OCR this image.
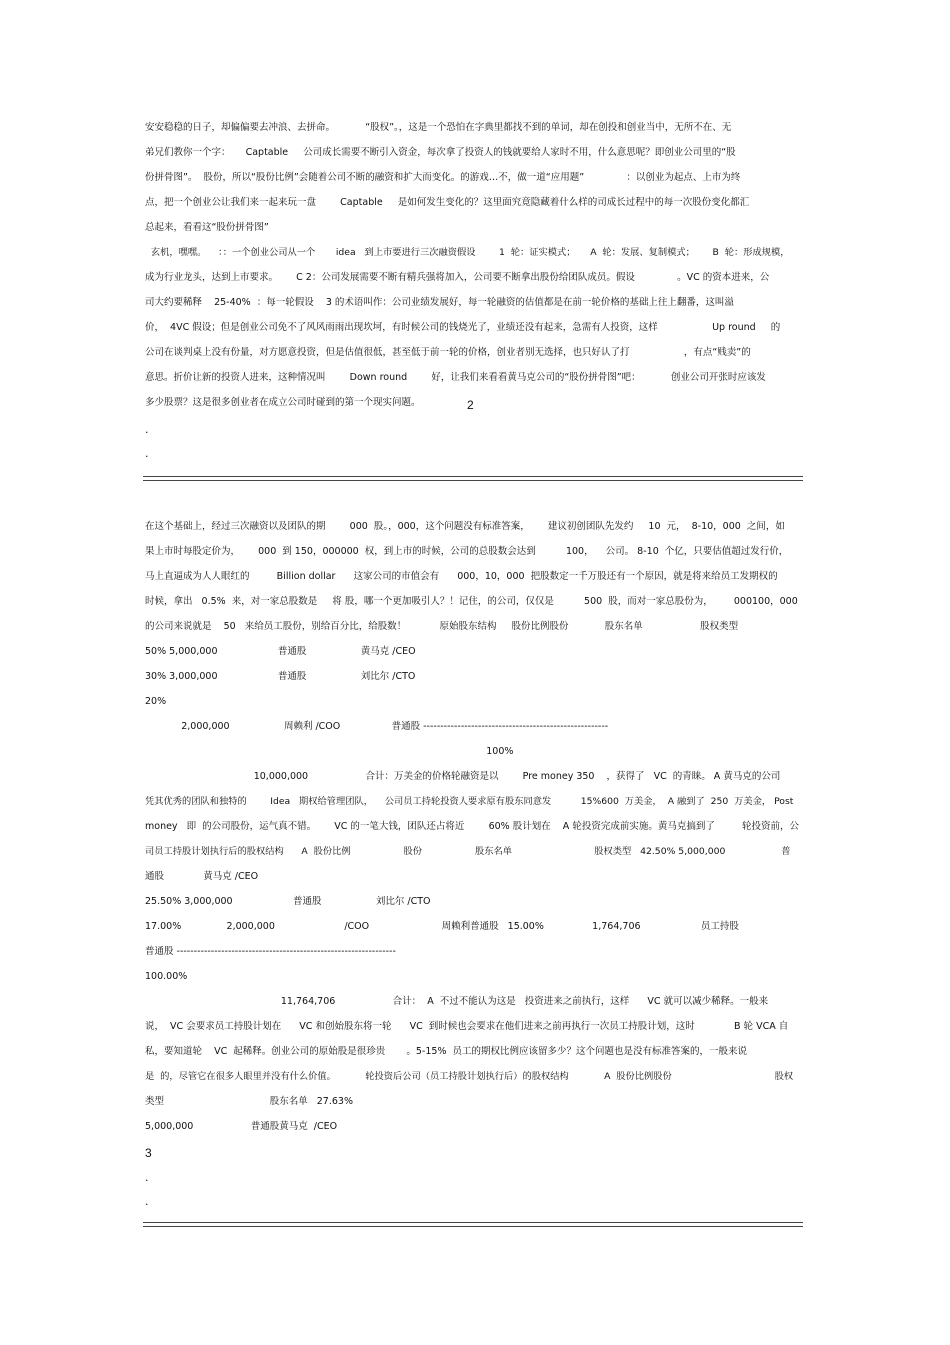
安安稳稳的日子，却偏偏要去冲浪、去拼命。          “股权”。，这是一个恐怕在字典里都找不到的单词，却在创投和创业当中，无所不在、无
弟兄们教你一个字：     Captable     公司成长需要不断引入资金，每次拿了投资人的钱就要给人家时不用，什么意思呢？即创业公司里的“股
份拼骨图”。  股份，所以“股份比例”会随着公司不断的融资和扩大而变化。的游戏…不，做一道“应用题”              ：以创业为起点、上市为终
点，把一个创业公让我们来一起来玩一盘        Captable     是如何发生变化的？这里面究竟隐藏着什么样的司成长过程中的每一次股份变化都汇
总起来，看看这“股份拼骨图”
玄机，嘿嘿。    ：：一个创业公司从一个       idea   到上市要进行三次融资假设        1  轮：证实模式；     A  轮：发展、复制模式；      B  轮：形成规模，
成为行业龙头，达到上市要求。      C 2：公司发展需要不断有精兵强将加入，公司要不断拿出股份给团队成员。假设              。VC 的资本进来，公
司大约要稀释    25-40%  ：每一轮假设    3 的术语叫作：公司业绩发展好，每一轮融资的估值都是在前一轮价格的基础上往上翻番，这叫溢
价，  4VC 假设；但是创业公司免不了风风雨雨出现坎坷，有时候公司的钱烧光了，业绩还没有起来，急需有人投资，这样                  Up round     的
公司在谈判桌上没有份量，对方愿意投资，但是估值很低，甚至低于前一轮的价格，创业者别无选择，也只好认了打                  ，有点“贱卖”的
意思。折价让新的投资人进来，这种情况叫        Down round        好，让我们来看看黄马克公司的“股份拼骨图”吧：          创业公司开张时应该发
多少股票？这是很多创业者在成立公司时碰到的第一个现实问题。	2
.
.
在这个基础上，经过三次融资以及团队的期        000  股。，000，这个问题没有标准答案，      建议初创团队先发约     10  元，  8-10，000  之间，如
果上市时每股定价为，      000  到 150，000000  权，到上市的时候，公司的总股数会达到          100，    公司。 8-10  个亿，只要估值超过发行价，
马上直逼成为人人眼红的         Billion dollar      这家公司的市值会有      000，10，000  把股数定一千万股还有一个原因，就是将来给员工发期权的
时候，拿出   0.5%  来，对一家总股数是     将 股，哪一个更加吸引人？！记住，的公司，仅仅是          500  股，而对一家总股份为，       000100，000
的公司来说就是    50   来给员工股份，别给百分比，给股数！           原始股东结构     股份比例股份            股东名单                   股权类型
50% 5,000,000                    普通股                  黄马克 /CEO
30% 3,000,000                    普通股                  刘比尔 /CTO
20%
2,000,000                  周赖利 /COO                 普通股 ------------------------------------------------------
100%
10,000,000                   合计：万美金的价格轮融资是以        Pre money 350    ，获得了   VC  的青睐。 A 黄马克的公司
凭其优秀的团队和独特的        Idea   期权给管理团队，    公司员工持轮投资人要求原有股东同意发          15%600  万美金，  A 融到了  250  万美金， Post
money   即  的公司股份，运气真不错。      VC 的一笔大钱，团队还占将近        60% 股计划在    A 轮投资完成前实施。黄马克搞到了         轮投资前，公
司员工持股计划执行后的股权结构      A  股份比例                  股份                  股东名单                            股权类型   42.50% 5,000,000                   普
通股             黄马克 /CEO
25.50% 3,000,000                    普通股                  刘比尔 /CTO
17.00%               2,000,000                       /COO                        周赖利普通股   15.00%                1,764,706                    员工持股
普通股 ----------------------------------------------------------------
100.00%
11,764,706                   合计：  A  不过不能认为这是   投资进来之前执行，这样      VC 就可以减少稀释。一般来
说，  VC 会要求员工持股计划在      VC 和创始股东将一轮      VC  到时候也会要求在他们进来之前再执行一次员工持股计划，这时             B 轮 VCA 自
私，要知道轮    VC  起稀释。创业公司的原始股是很珍贵       。5-15%  员工的期权比例应该留多少？这个问题也是没有标准答案的，一般来说
是  的，尽管它在很多人眼里并没有什么价值。          轮投资后公司（员工持股计划执行后）的股权结构            A  股份比例股份                                   股权
类型                                   股东名单   27.63%
5,000,000                   普通股黄马克  /CEO
3
.
.
